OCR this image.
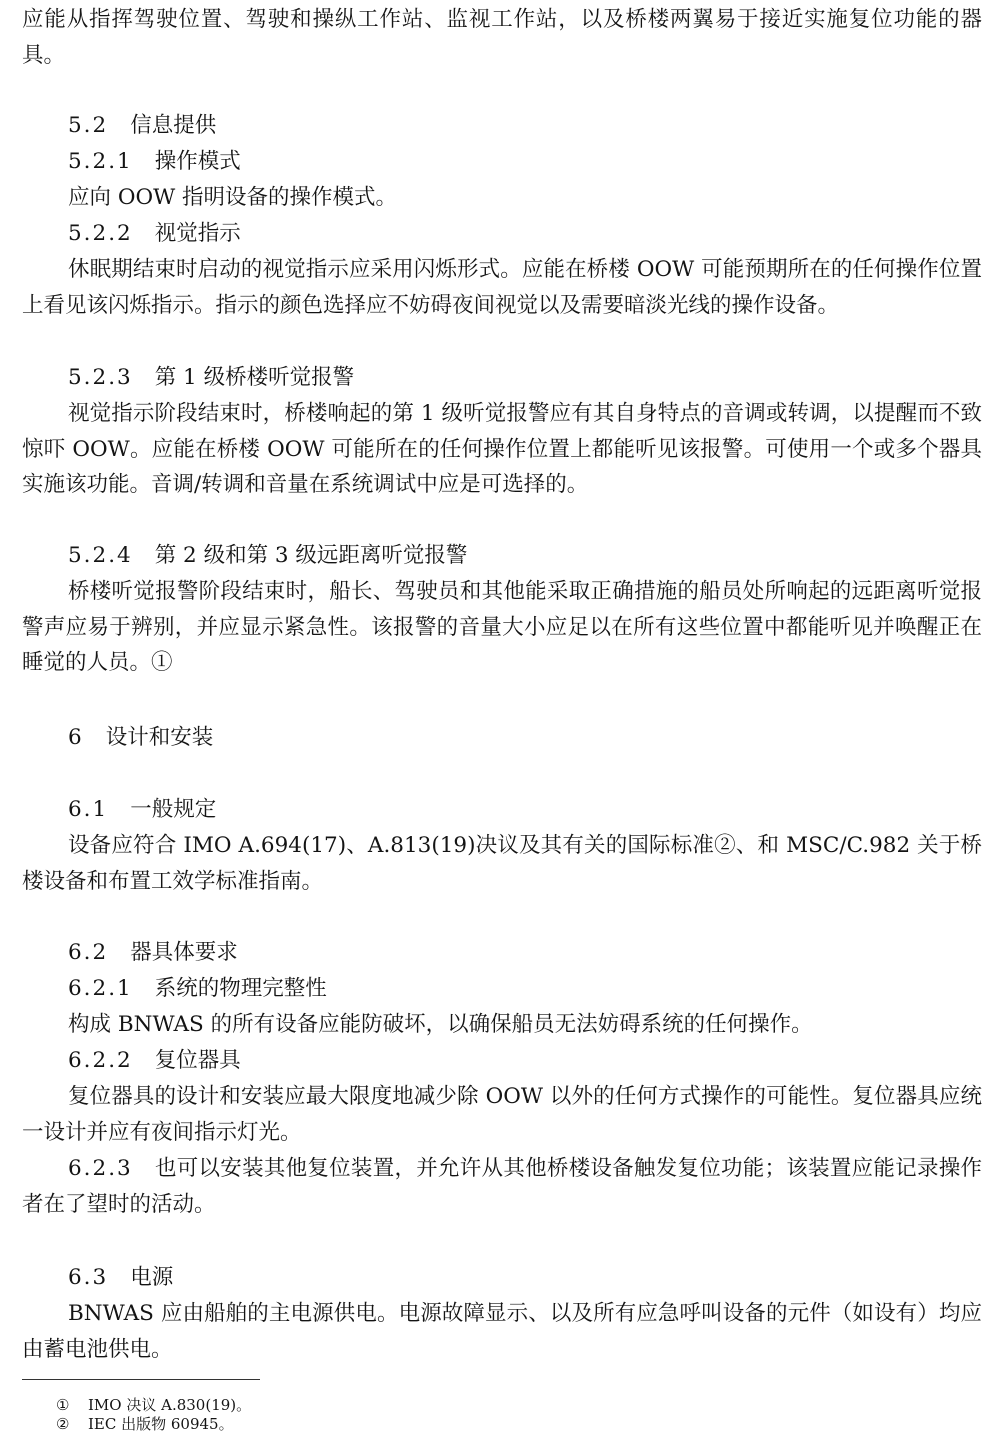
应能从指挥驾驶位置、驾驶和操纵工作站、监视工作站，以及桥楼两翼易于接近实施复位功能的器具。

5.2 信息提供

5.2.1 操作模式

应向 OOW 指明设备的操作模式。

5.2.2 视觉指示

休眠期结束时启动的视觉指示应采用闪烁形式。应能在桥楼 OOW 可能预期所在的任何操作位置上看见该闪烁指示。指示的颜色选择应不妨碍夜间视觉以及需要暗淡光线的操作设备。

5.2.3 第 1 级桥楼听觉报警

视觉指示阶段结束时，桥楼响起的第 1 级听觉报警应有其自身特点的音调或转调，以提醒而不致惊吓 OOW。应能在桥楼 OOW 可能所在的任何操作位置上都能听见该报警。可使用一个或多个器具实施该功能。音调/转调和音量在系统调试中应是可选择的。

5.2.4 第 2 级和第 3 级远距离听觉报警

桥楼听觉报警阶段结束时，船长、驾驶员和其他能采取正确措施的船员处所响起的远距离听觉报警声应易于辨别，并应显示紧急性。该报警的音量大小应足以在所有这些位置中都能听见并唤醒正在睡觉的人员。①

6 设计和安装

6.1 一般规定

设备应符合 IMO A.694(17)、A.813(19)决议及其有关的国际标准②、和 MSC/C.982 关于桥楼设备和布置工效学标准指南。

6.2 器具体要求

6.2.1 系统的物理完整性

构成 BNWAS 的所有设备应能防破坏，以确保船员无法妨碍系统的任何操作。

6.2.2 复位器具

复位器具的设计和安装应最大限度地减少除 OOW 以外的任何方式操作的可能性。复位器具应统一设计并应有夜间指示灯光。

6.2.3 也可以安装其他复位装置，并允许从其他桥楼设备触发复位功能；该装置应能记录操作者在了望时的活动。

6.3 电源

BNWAS 应由船舶的主电源供电。电源故障显示、以及所有应急呼叫设备的元件（如设有）均应由蓄电池供电。

① IMO 决议 A.830(19)。

② IEC 出版物 60945。
